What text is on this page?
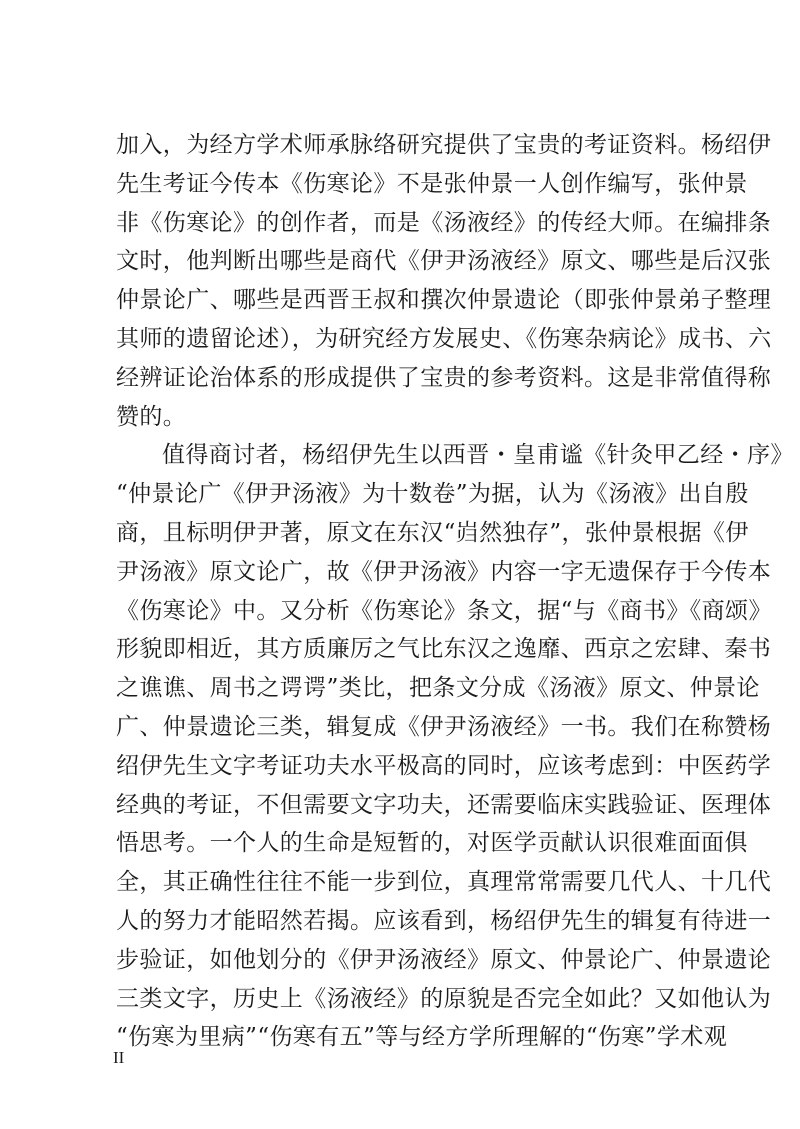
加入，为经方学术师承脉络研究提供了宝贵的考证资料。杨绍伊
先生考证今传本《伤寒论》不是张仲景一人创作编写，张仲景
非《伤寒论》的创作者，而是《汤液经》的传经大师。在编排条
文时，他判断出哪些是商代《伊尹汤液经》原文、哪些是后汉张
仲景论广、哪些是西晋王叔和撰次仲景遗论（即张仲景弟子整理
其师的遗留论述），为研究经方发展史、《伤寒杂病论》成书、六
经辨证论治体系的形成提供了宝贵的参考资料。这是非常值得称
赞的。
值得商讨者，杨绍伊先生以西晋・皇甫谧《针灸甲乙经・序》
“仲景论广《伊尹汤液》为十数卷”为据，认为《汤液》出自殷
商，且标明伊尹著，原文在东汉“岿然独存”，张仲景根据《伊
尹汤液》原文论广，故《伊尹汤液》内容一字无遗保存于今传本
《伤寒论》中。又分析《伤寒论》条文，据“与《商书》《商颂》
形貌即相近，其方质廉厉之气比东汉之逸靡、西京之宏肆、秦书
之谯谯、周书之谔谔”类比，把条文分成《汤液》原文、仲景论
广、仲景遗论三类，辑复成《伊尹汤液经》一书。我们在称赞杨
绍伊先生文字考证功夫水平极高的同时，应该考虑到：中医药学
经典的考证，不但需要文字功夫，还需要临床实践验证、医理体
悟思考。一个人的生命是短暂的，对医学贡献认识很难面面俱
全，其正确性往往不能一步到位，真理常常需要几代人、十几代
人的努力才能昭然若揭。应该看到，杨绍伊先生的辑复有待进一
步验证，如他划分的《伊尹汤液经》原文、仲景论广、仲景遗论
三类文字，历史上《汤液经》的原貌是否完全如此？又如他认为
“伤寒为里病”“伤寒有五”等与经方学所理解的“伤寒”学术观
II
